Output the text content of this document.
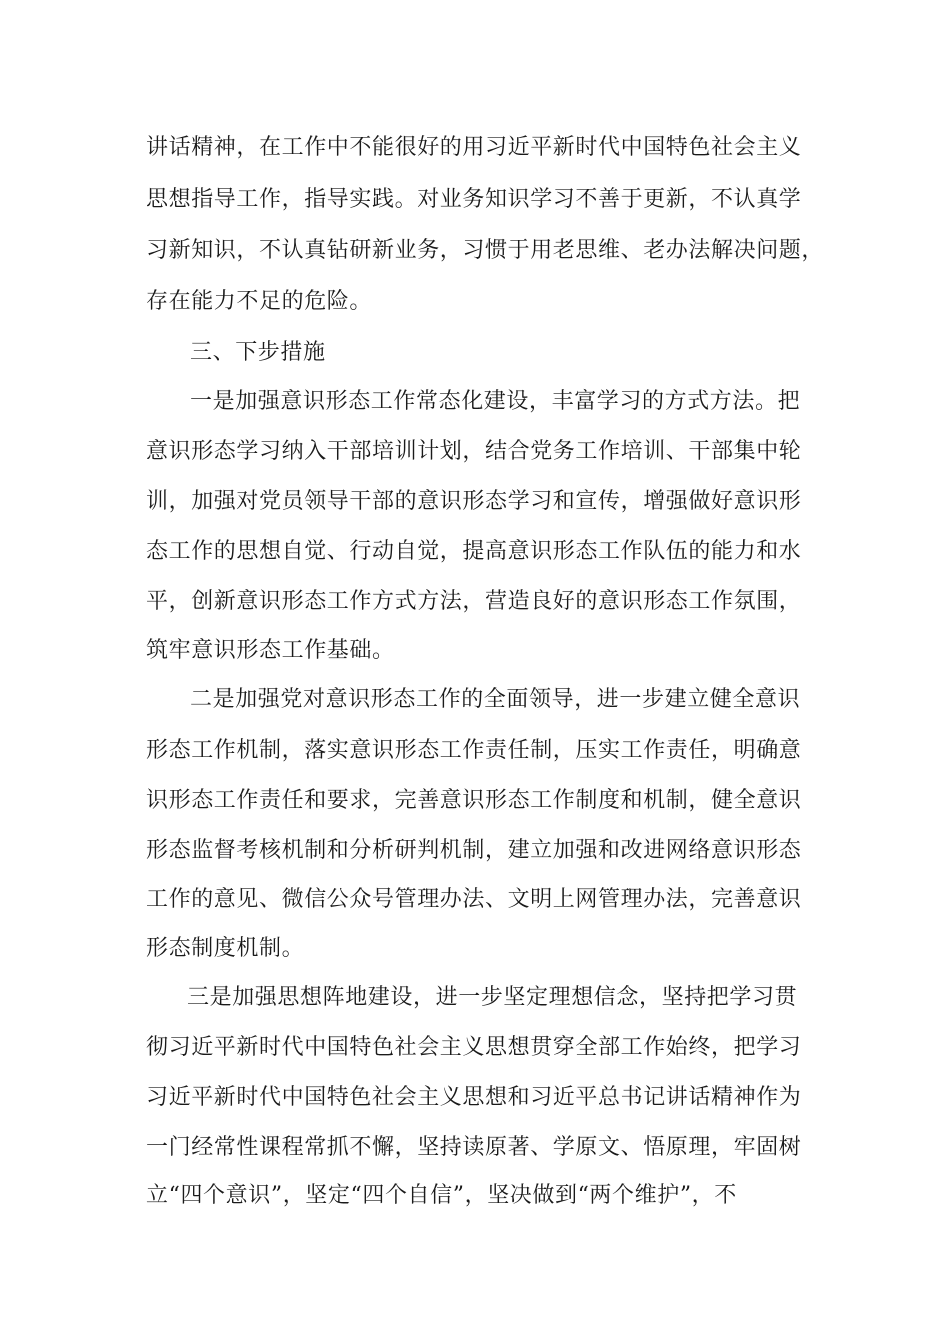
讲话精神，在工作中不能很好的用习近平新时代中国特色社会主义
思想指导工作，指导实践。对业务知识学习不善于更新，不认真学
习新知识，不认真钻研新业务，习惯于用老思维、老办法解决问题，
存在能力不足的危险。
三、下步措施
一是加强意识形态工作常态化建设，丰富学习的方式方法。把
意识形态学习纳入干部培训计划，结合党务工作培训、干部集中轮
训，加强对党员领导干部的意识形态学习和宣传，增强做好意识形
态工作的思想自觉、行动自觉，提高意识形态工作队伍的能力和水
平，创新意识形态工作方式方法，营造良好的意识形态工作氛围，
筑牢意识形态工作基础。
二是加强党对意识形态工作的全面领导，进一步建立健全意识
形态工作机制，落实意识形态工作责任制，压实工作责任，明确意
识形态工作责任和要求，完善意识形态工作制度和机制，健全意识
形态监督考核机制和分析研判机制，建立加强和改进网络意识形态
工作的意见、微信公众号管理办法、文明上网管理办法，完善意识
形态制度机制。
三是加强思想阵地建设，进一步坚定理想信念，坚持把学习贯
彻习近平新时代中国特色社会主义思想贯穿全部工作始终，把学习
习近平新时代中国特色社会主义思想和习近平总书记讲话精神作为
一门经常性课程常抓不懈，坚持读原著、学原文、悟原理，牢固树
立“四个意识”，坚定“四个自信”，坚决做到“两个维护”，不
